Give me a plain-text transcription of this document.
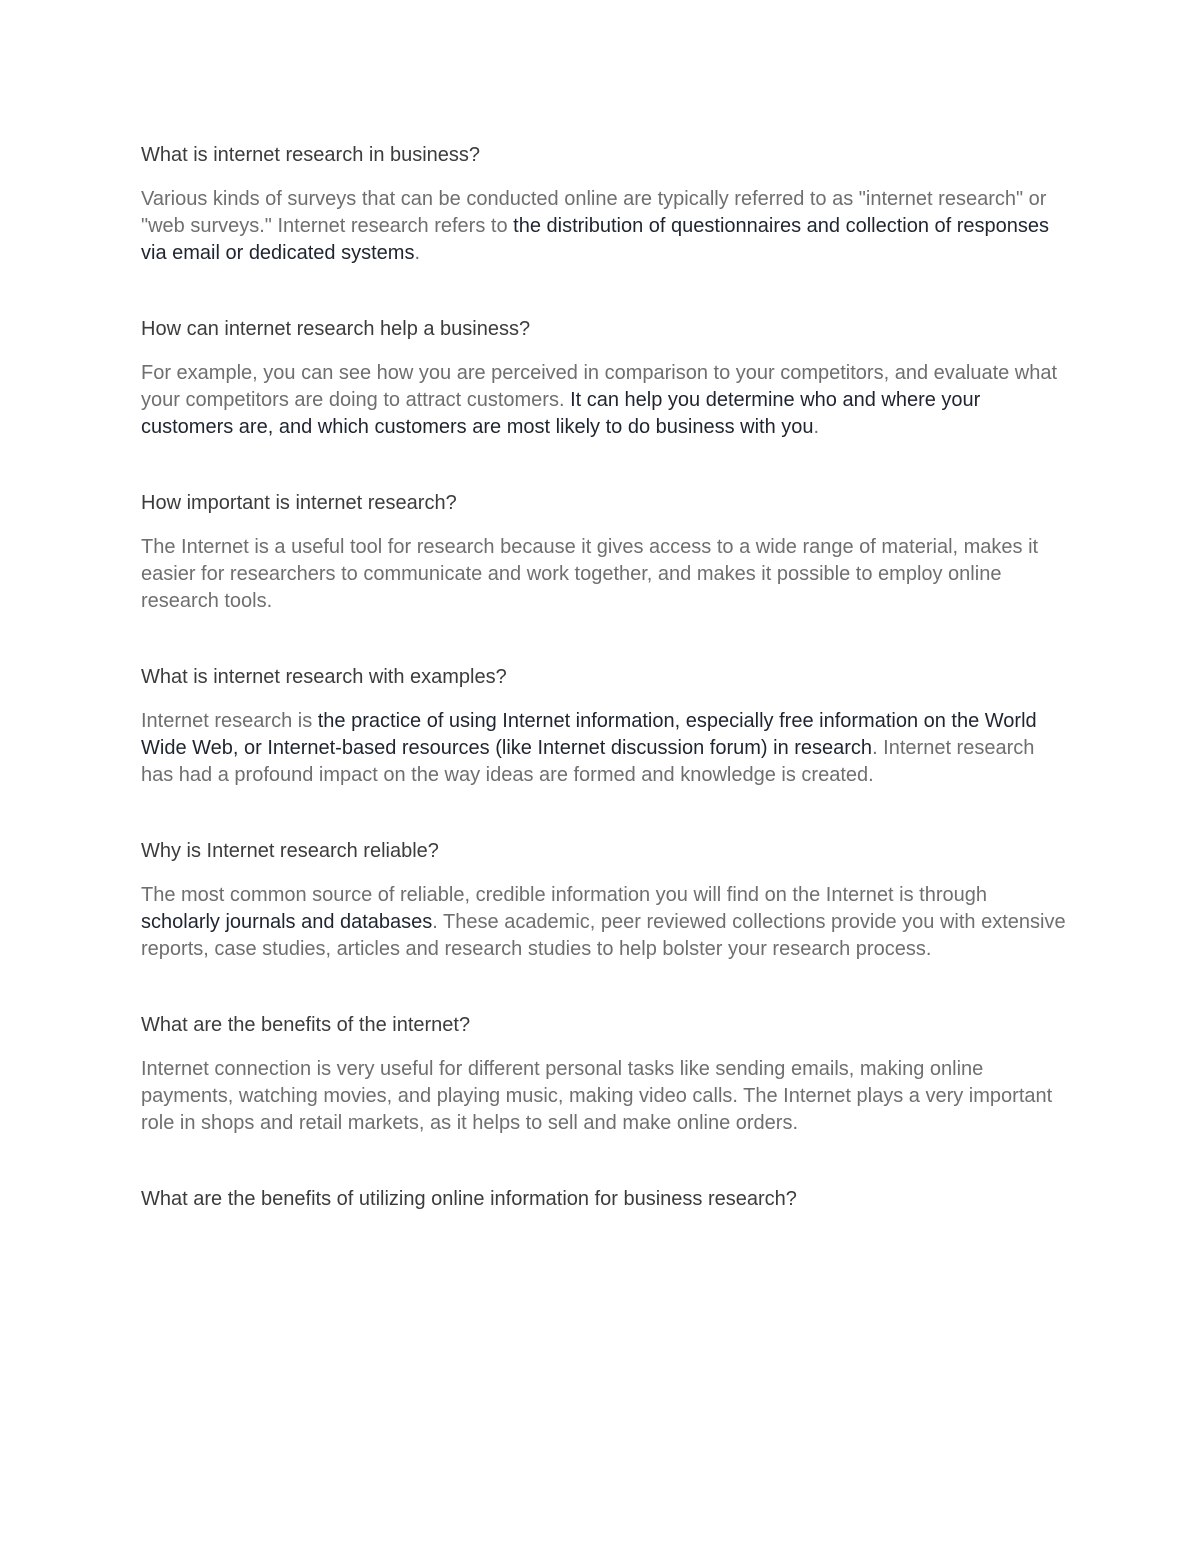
What is internet research in business?

Various kinds of surveys that can be conducted online are typically referred to as "internet research" or "web surveys." Internet research refers to the distribution of questionnaires and collection of responses via email or dedicated systems.

How can internet research help a business?

For example, you can see how you are perceived in comparison to your competitors, and evaluate what your competitors are doing to attract customers. It can help you determine who and where your customers are, and which customers are most likely to do business with you.

How important is internet research?

The Internet is a useful tool for research because it gives access to a wide range of material, makes it easier for researchers to communicate and work together, and makes it possible to employ online research tools.

What is internet research with examples?

Internet research is the practice of using Internet information, especially free information on the World Wide Web, or Internet-based resources (like Internet discussion forum) in research. Internet research has had a profound impact on the way ideas are formed and knowledge is created.

Why is Internet research reliable?

The most common source of reliable, credible information you will find on the Internet is through scholarly journals and databases. These academic, peer reviewed collections provide you with extensive reports, case studies, articles and research studies to help bolster your research process.

What are the benefits of the internet?

Internet connection is very useful for different personal tasks like sending emails, making online payments, watching movies, and playing music, making video calls. The Internet plays a very important role in shops and retail markets, as it helps to sell and make online orders.

What are the benefits of utilizing online information for business research?
